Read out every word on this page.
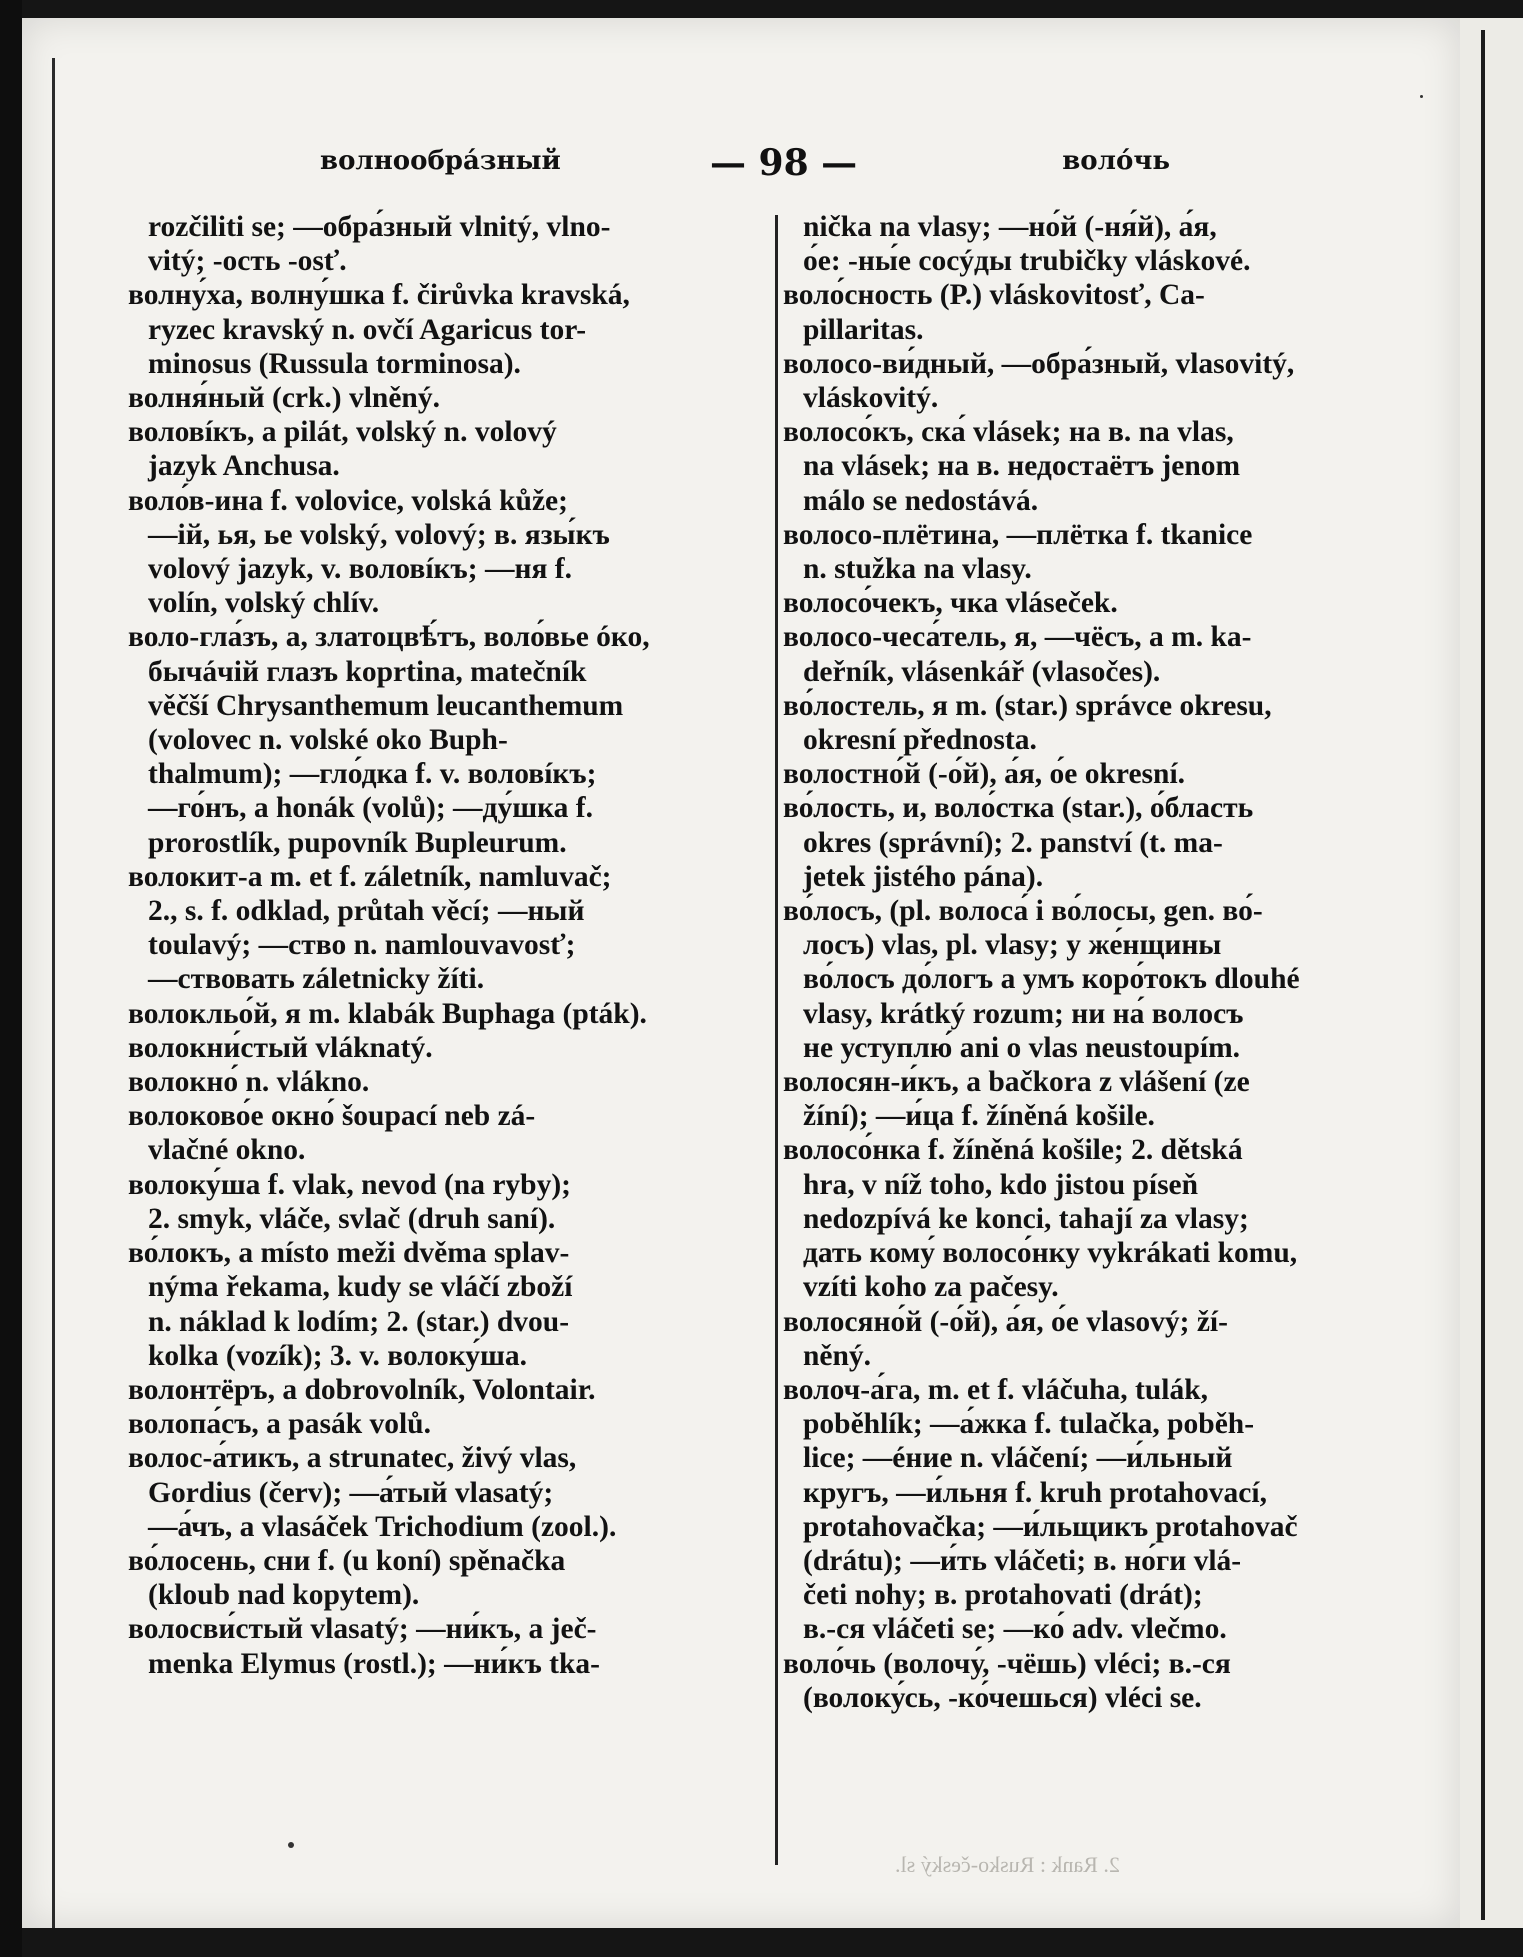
волнообра́зный	— 98 —	воло́чь
rozčiliti se; —обра́зный vlnitý, vlno-
vitý; -ость -osť.
волну́ха, волну́шка f. čirůvka kravská,
ryzec kravský n. ovčí Agaricus tor-
minosus (Russula torminosa).
волня́ный (crk.) vlněný.
воловíкъ, a pilát, volský n. volový
jazyk Anchusa.
воло́в-ина f. volovice, volská kůže;
—ій, ья, ье volský, volový; в. язы́къ
volový jazyk, v. воловíкъ; —ня f.
volín, volský chlív.
воло-гла́зъ, a, златоцвѣ́тъ, воло́вье óко,
бычáчій глазъ koprtina, matečník
věčší Chrysanthemum leucanthemum
(volovec n. volské oko Buph-
thalmum); —гло́дка f. v. воловíкъ;
—го́нъ, a honák (volů); —ду́шка f.
prorostlík, pupovník Bupleurum.
волокит-а m. et f. záletník, namluvač;
2., s. f. odklad, průtah věcí; —ный
toulavý; —ство n. namlouvavosť;
—ствовать záletnicky žíti.
волокльо́й, я m. klabák Buphaga (pták).
волокни́стый vláknatý.
волокно́ n. vlákno.
волоково́е окно́ šoupací neb zá-
vlačné okno.
волоку́ша f. vlak, nevod (na ryby);
2. smyk, vláče, svlač (druh saní).
во́локъ, a místo meži dvěma splav-
nýma řekama, kudy se vláčí zboží
n. náklad k lodím; 2. (star.) dvou-
kolka (vozík); 3. v. волоку́ша.
волонтёръ, a dobrovolník, Volontair.
волопа́съ, a pasák volů.
волос-а́тикъ, a strunatec, živý vlas,
Gordius (červ); —а́тый vlasatý;
—а́чъ, a vlasáček Trichodium (zool.).
во́лосень, сни f. (u koní) spěnačka
(kloub nad kopytem).
волосви́стый vlasatý; —ни́къ, a ječ-
menka Elymus (rostl.); —ни́къ tka-
nička na vlasy; —но́й (-ня́й), а́я,
о́е: -ны́е cocýды trubičky vláskové.
воло́сность (P.) vláskovitosť, Ca-
pillaritas.
волосо-ви́дный, —обра́зный, vlasovitý,
vláskovitý.
волосо́къ, ска́ vlásek; на в. na vlas,
na vlásek; на в. недостаётъ jenom
málo se nedostává.
волосо-плётина, —плётка f. tkanice
n. stužka na vlasy.
волосо́чекъ, чка vlásеček.
волосо-чеса́тель, я, —чёсъ, a m. ka-
deřník, vlásenkář (vlasočes).
во́лостель, я m. (star.) správce okresu,
okresní přednosta.
волостно́й (-о́й), а́я, о́е okresní.
во́лость, и, воло́стка (star.), о́бласть
okres (správní); 2. panství (t. ma-
jetek jistého pána).
во́лосъ, (pl. волоса́ i во́лосы, gen. во́-
лосъ) vlas, pl. vlasy; у же́нщины
во́лосъ до́логъ а умъ коро́токъ dlouhé
vlasy, krátký rozum; ни на́ волосъ
не уступлю́ ani o vlas neustoupím.
волосян-и́къ, a bačkora z vlášení (ze
žíní); —и́ца f. žíněná košile.
волосо́нка f. žíněná košile; 2. dětská
hra, v níž toho, kdo jistou píseň
nedozpívá ke konci, tahají za vlasy;
дать кому́ волосо́нку vykrákati komu,
vzíti koho za pačesy.
волосяно́й (-о́й), а́я, о́е vlasový; ží-
něný.
волоч-а́га, m. et f. vláčuha, tulák,
poběhlík; —а́жка f. tulačka, poběh-
lice; —éние n. vláčení; —и́льный
кругъ, —и́льня f. kruh protahovací,
protahovačka; —и́льщикъ protahovač
(drátu); —и́ть vláčeti; в. но́ги vlá-
četi nohy; в. protahovati (drát);
в.-ся vláčeti se; —ко́ adv. vlečmo.
воло́чь (волочу́, -чёшь) vléci; в.-ся
(волоку́сь, -ко́чешься) vléci se.
2. Rank : Rusko-český sl.
